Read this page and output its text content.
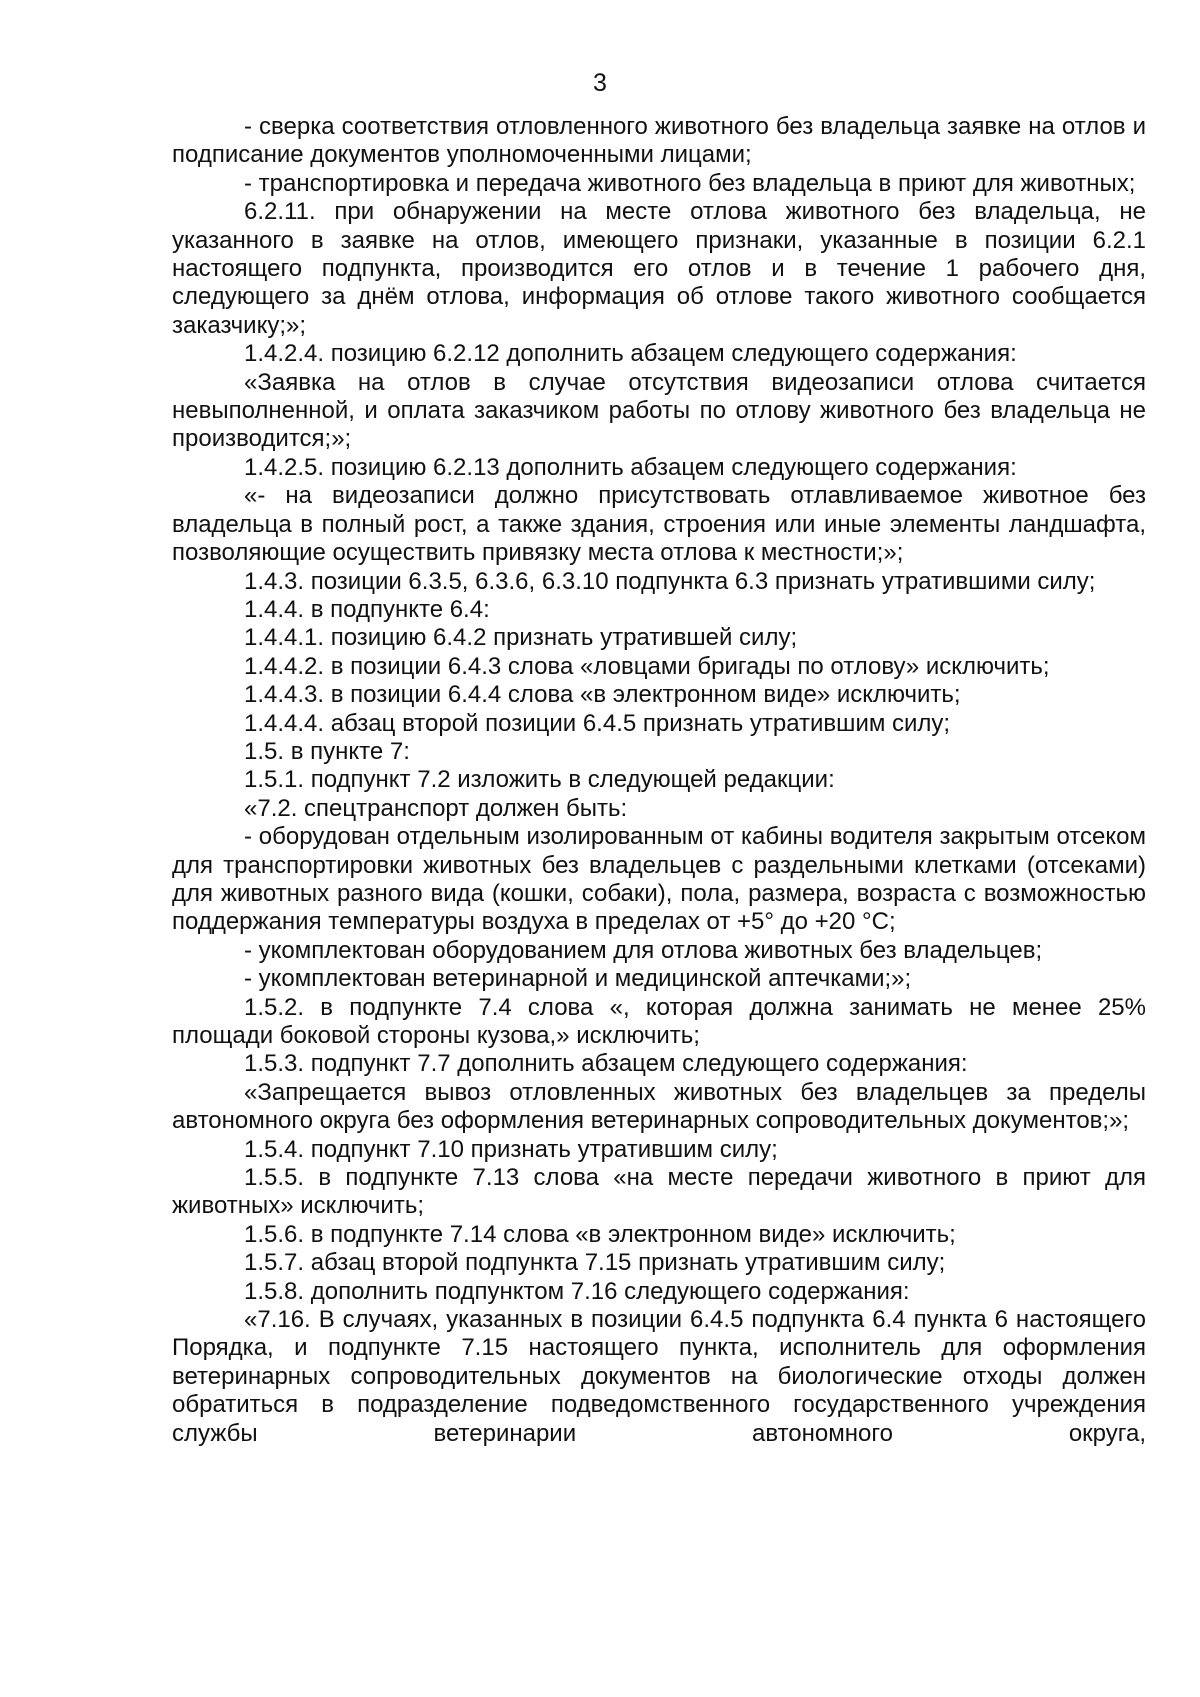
3

- сверка соответствия отловленного животного без владельца заявке на отлов и подписание документов уполномоченными лицами;

- транспортировка и передача животного без владельца в приют для животных;

6.2.11. при обнаружении на месте отлова животного без владельца, не указанного в заявке на отлов, имеющего признаки, указанные в позиции 6.2.1 настоящего подпункта, производится его отлов и в течение 1 рабочего дня, следующего за днём отлова, информация об отлове такого животного сообщается заказчику;»;

1.4.2.4. позицию 6.2.12 дополнить абзацем следующего содержания:

«Заявка на отлов в случае отсутствия видеозаписи отлова считается невыполненной, и оплата заказчиком работы по отлову животного без владельца не производится;»;

1.4.2.5. позицию 6.2.13 дополнить абзацем следующего содержания:

«- на видеозаписи должно присутствовать отлавливаемое животное без владельца в полный рост, а также здания, строения или иные элементы ландшафта, позволяющие осуществить привязку места отлова к местности;»;

1.4.3. позиции 6.3.5, 6.3.6, 6.3.10 подпункта 6.3 признать утратившими силу;

1.4.4. в подпункте 6.4:

1.4.4.1. позицию 6.4.2 признать утратившей силу;

1.4.4.2. в позиции 6.4.3 слова «ловцами бригады по отлову» исключить;

1.4.4.3. в позиции 6.4.4 слова «в электронном виде» исключить;

1.4.4.4. абзац второй позиции 6.4.5 признать утратившим силу;

1.5. в пункте 7:

1.5.1. подпункт 7.2 изложить в следующей редакции:

«7.2. спецтранспорт должен быть:

- оборудован отдельным изолированным от кабины водителя закрытым отсеком для транспортировки животных без владельцев с раздельными клетками (отсеками) для животных разного вида (кошки, собаки), пола, размера, возраста с возможностью поддержания температуры воздуха в пределах от +5° до +20 °С;

- укомплектован оборудованием для отлова животных без владельцев;

- укомплектован ветеринарной и медицинской аптечками;»;

1.5.2. в подпункте 7.4 слова «, которая должна занимать не менее 25% площади боковой стороны кузова,» исключить;

1.5.3. подпункт 7.7 дополнить абзацем следующего содержания:

«Запрещается вывоз отловленных животных без владельцев за пределы автономного округа без оформления ветеринарных сопроводительных документов;»;

1.5.4. подпункт 7.10 признать утратившим силу;

1.5.5. в подпункте 7.13 слова «на месте передачи животного в приют для животных» исключить;

1.5.6. в подпункте 7.14 слова «в электронном виде» исключить;

1.5.7. абзац второй подпункта 7.15 признать утратившим силу;

1.5.8. дополнить подпунктом 7.16 следующего содержания:

«7.16. В случаях, указанных в позиции 6.4.5 подпункта 6.4 пункта 6 настоящего Порядка, и подпункте 7.15 настоящего пункта, исполнитель для оформления ветеринарных сопроводительных документов на биологические отходы должен обратиться в подразделение подведомственного государственного учреждения службы ветеринарии автономного округа,
